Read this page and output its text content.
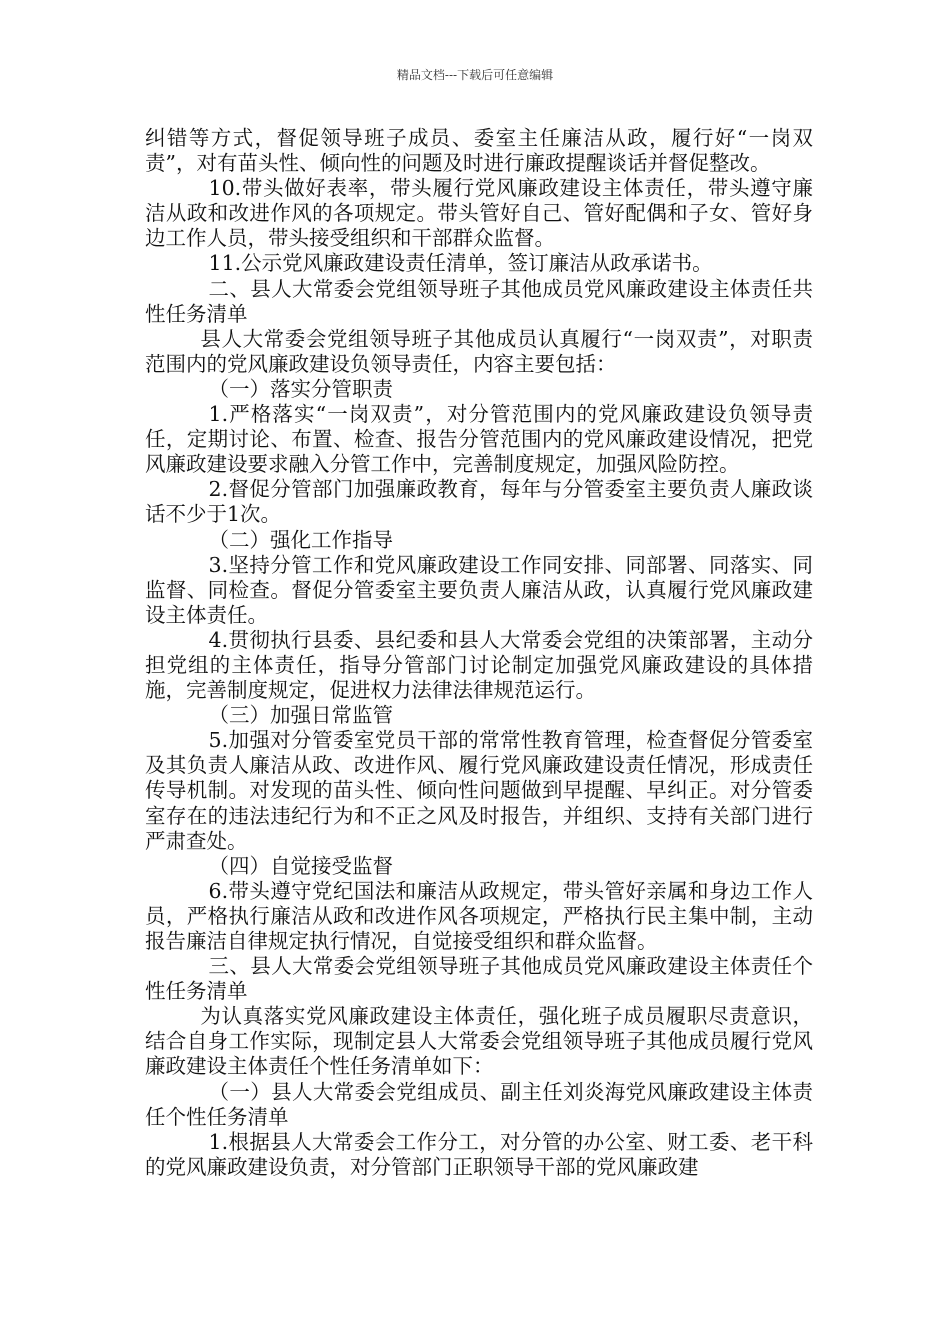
精品文档---下载后可任意编辑

纠错等方式，督促领导班子成员、委室主任廉洁从政，履行好“一岗双责”，对有苗头性、倾向性的问题及时进行廉政提醒谈话并督促整改。

10.带头做好表率，带头履行党风廉政建设主体责任，带头遵守廉洁从政和改进作风的各项规定。带头管好自己、管好配偶和子女、管好身边工作人员，带头接受组织和干部群众监督。

11.公示党风廉政建设责任清单，签订廉洁从政承诺书。

二、县人大常委会党组领导班子其他成员党风廉政建设主体责任共性任务清单

县人大常委会党组领导班子其他成员认真履行“一岗双责”，对职责范围内的党风廉政建设负领导责任，内容主要包括：

（一）落实分管职责

1.严格落实“一岗双责”，对分管范围内的党风廉政建设负领导责任，定期讨论、布置、检查、报告分管范围内的党风廉政建设情况，把党风廉政建设要求融入分管工作中，完善制度规定，加强风险防控。

2.督促分管部门加强廉政教育，每年与分管委室主要负责人廉政谈话不少于1次。

（二）强化工作指导

3.坚持分管工作和党风廉政建设工作同安排、同部署、同落实、同监督、同检查。督促分管委室主要负责人廉洁从政，认真履行党风廉政建设主体责任。

4.贯彻执行县委、县纪委和县人大常委会党组的决策部署，主动分担党组的主体责任，指导分管部门讨论制定加强党风廉政建设的具体措施，完善制度规定，促进权力法律法律规范运行。

（三）加强日常监管

5.加强对分管委室党员干部的常常性教育管理，检查督促分管委室及其负责人廉洁从政、改进作风、履行党风廉政建设责任情况，形成责任传导机制。对发现的苗头性、倾向性问题做到早提醒、早纠正。对分管委室存在的违法违纪行为和不正之风及时报告，并组织、支持有关部门进行严肃查处。

（四）自觉接受监督

6.带头遵守党纪国法和廉洁从政规定，带头管好亲属和身边工作人员，严格执行廉洁从政和改进作风各项规定，严格执行民主集中制，主动报告廉洁自律规定执行情况，自觉接受组织和群众监督。

三、县人大常委会党组领导班子其他成员党风廉政建设主体责任个性任务清单

为认真落实党风廉政建设主体责任，强化班子成员履职尽责意识，结合自身工作实际，现制定县人大常委会党组领导班子其他成员履行党风廉政建设主体责任个性任务清单如下：

（一）县人大常委会党组成员、副主任刘炎海党风廉政建设主体责任个性任务清单

1.根据县人大常委会工作分工，对分管的办公室、财工委、老干科的党风廉政建设负责，对分管部门正职领导干部的党风廉政建
